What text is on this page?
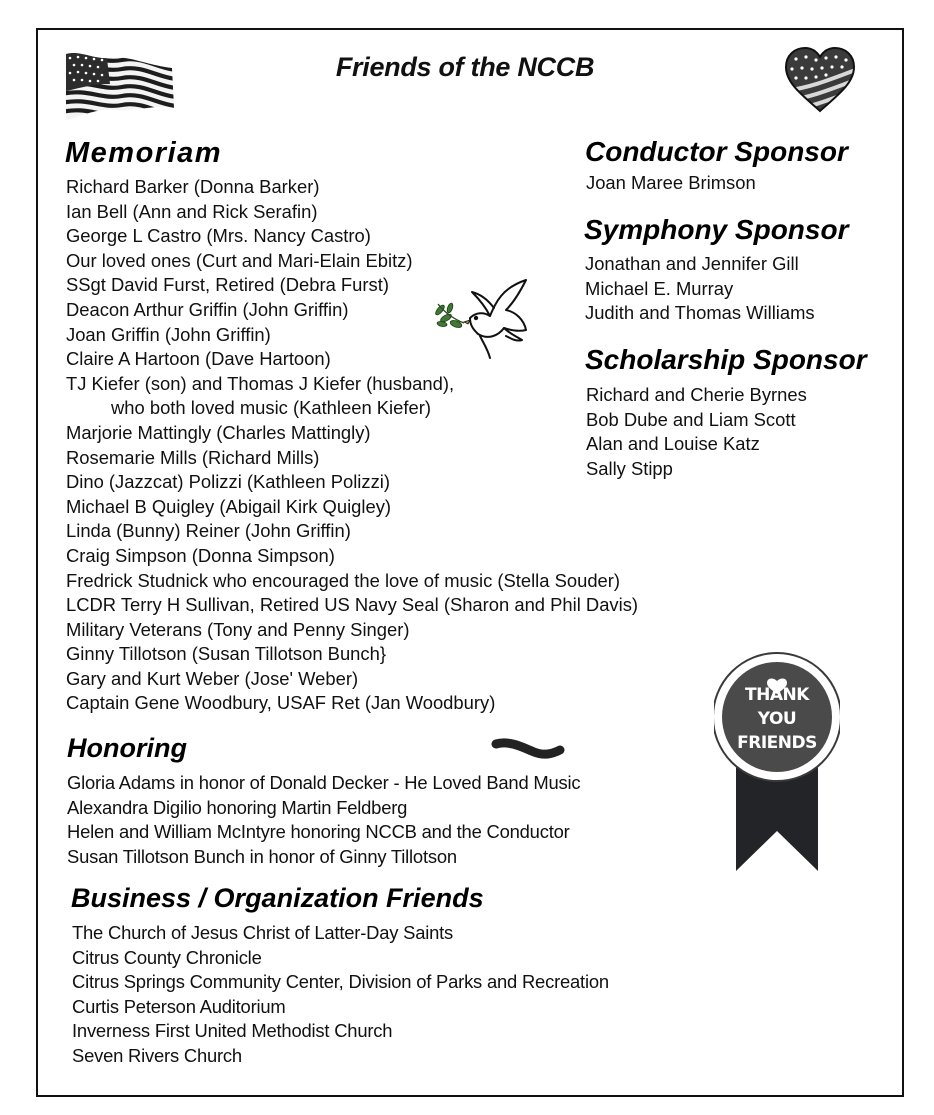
Friends of the NCCB
Memoriam
Richard Barker (Donna Barker)
Ian Bell (Ann and Rick Serafin)
George L Castro (Mrs. Nancy Castro)
Our loved ones (Curt and Mari-Elain Ebitz)
SSgt David Furst, Retired (Debra Furst)
Deacon Arthur Griffin (John Griffin)
Joan Griffin (John Griffin)
Claire A Hartoon (Dave Hartoon)
TJ Kiefer (son) and Thomas J Kiefer (husband),
who both loved music (Kathleen Kiefer)
Marjorie Mattingly (Charles Mattingly)
Rosemarie Mills (Richard Mills)
Dino (Jazzcat) Polizzi (Kathleen Polizzi)
Michael B Quigley (Abigail Kirk Quigley)
Linda (Bunny) Reiner (John Griffin)
Craig Simpson (Donna Simpson)
Fredrick Studnick who encouraged the love of music (Stella Souder)
LCDR Terry H Sullivan, Retired US Navy Seal (Sharon and Phil Davis)
Military Veterans (Tony and Penny Singer)
Ginny Tillotson (Susan Tillotson Bunch}
Gary and Kurt Weber (Jose' Weber)
Captain Gene Woodbury, USAF Ret (Jan Woodbury)
Conductor Sponsor
Joan Maree Brimson
Symphony Sponsor
Jonathan and Jennifer Gill
Michael E. Murray
Judith and Thomas Williams
Scholarship Sponsor
Richard and Cherie Byrnes
Bob Dube and Liam Scott
Alan and Louise Katz
Sally Stipp
THANK
YOU
FRIENDS
Honoring
Gloria Adams in honor of Donald Decker - He Loved Band Music
Alexandra Digilio honoring Martin Feldberg
Helen and William McIntyre honoring NCCB and the Conductor
Susan Tillotson Bunch in honor of Ginny Tillotson
Business / Organization Friends
The Church of Jesus Christ of Latter-Day Saints
Citrus County Chronicle
Citrus Springs Community Center, Division of Parks and Recreation
Curtis Peterson Auditorium
Inverness First United Methodist Church
Seven Rivers Church
